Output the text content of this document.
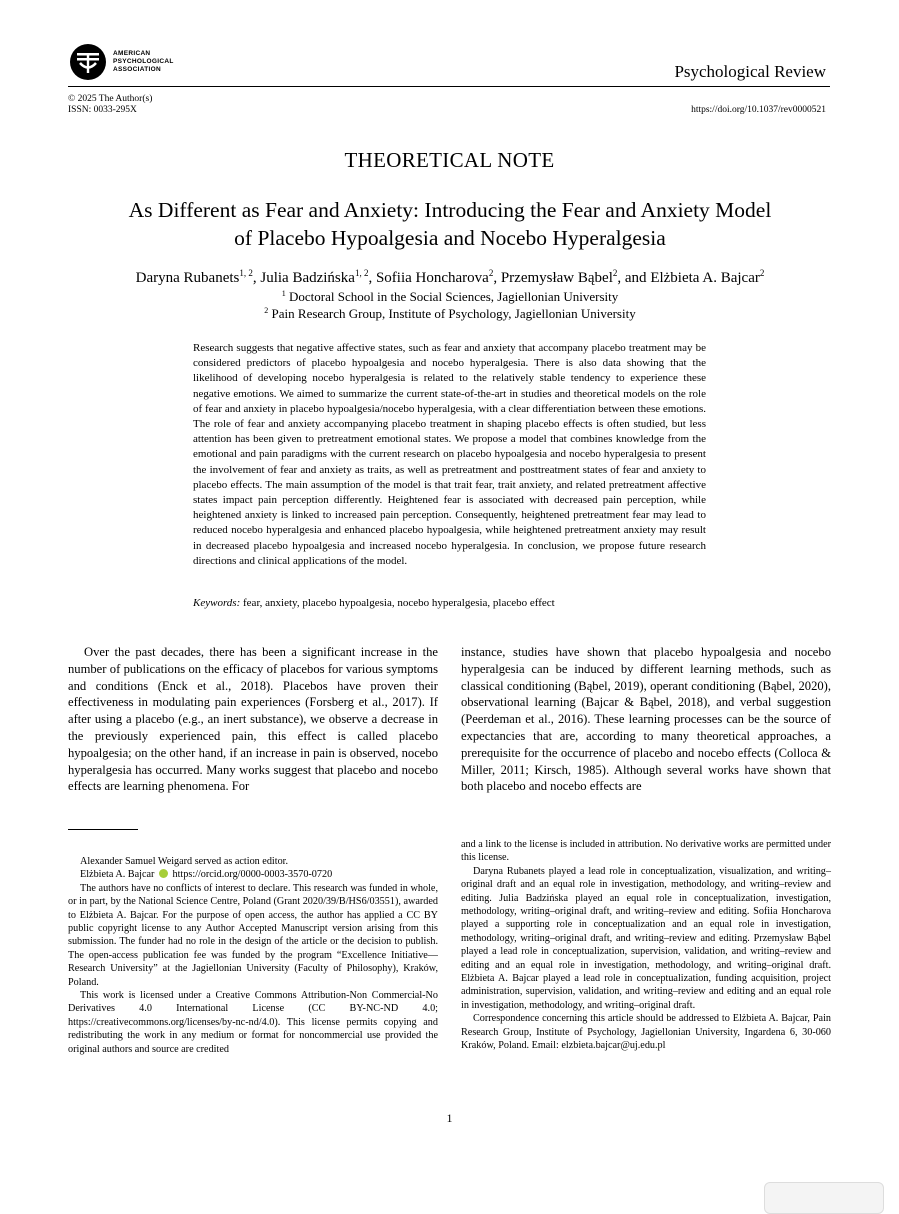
AMERICAN
PSYCHOLOGICAL
ASSOCIATION	Psychological Review
© 2025 The Author(s)
ISSN: 0033-295X	https://doi.org/10.1037/rev0000521
THEORETICAL NOTE
As Different as Fear and Anxiety: Introducing the Fear and Anxiety Model
of Placebo Hypoalgesia and Nocebo Hyperalgesia
Daryna Rubanets$^{1, 2}$, Julia Badzińska$^{1, 2}$, Sofiia Honcharova$^2$, Przemysław Bąbel$^2$, and Elżbieta A. Bajcar$^2$
$^1$ Doctoral School in the Social Sciences, Jagiellonian University
$^2$ Pain Research Group, Institute of Psychology, Jagiellonian University
Research suggests that negative affective states, such as fear and anxiety that accompany placebo treatment may be considered predictors of placebo hypoalgesia and nocebo hyperalgesia. There is also data showing that the likelihood of developing nocebo hyperalgesia is related to the relatively stable tendency to experience these negative emotions. We aimed to summarize the current state-of-the-art in studies and theoretical models on the role of fear and anxiety in placebo hypoalgesia/nocebo hyperalgesia, with a clear differentiation between these emotions. The role of fear and anxiety accompanying placebo treatment in shaping placebo effects is often studied, but less attention has been given to pretreatment emotional states. We propose a model that combines knowledge from the emotional and pain paradigms with the current research on placebo hypoalgesia and nocebo hyperalgesia to present the involvement of fear and anxiety as traits, as well as pretreatment and posttreatment states of fear and anxiety to placebo effects. The main assumption of the model is that trait fear, trait anxiety, and related pretreatment affective states impact pain perception differently. Heightened fear is associated with decreased pain perception, while heightened anxiety is linked to increased pain perception. Consequently, heightened pretreatment fear may lead to reduced nocebo hyperalgesia and enhanced placebo hypoalgesia, while heightened pretreatment anxiety may result in decreased placebo hypoalgesia and increased nocebo hyperalgesia. In conclusion, we propose future research directions and clinical applications of the model.
Keywords: fear, anxiety, placebo hypoalgesia, nocebo hyperalgesia, placebo effect
Over the past decades, there has been a significant increase in the number of publications on the efficacy of placebos for various symptoms and conditions (Enck et al., 2018). Placebos have proven their effectiveness in modulating pain experiences (Forsberg et al., 2017). If after using a placebo (e.g., an inert substance), we observe a decrease in the previously experienced pain, this effect is called placebo hypoalgesia; on the other hand, if an increase in pain is observed, nocebo hyperalgesia has occurred. Many works suggest that placebo and nocebo effects are learning phenomena. For
instance, studies have shown that placebo hypoalgesia and nocebo hyperalgesia can be induced by different learning methods, such as classical conditioning (Bąbel, 2019), operant conditioning (Bąbel, 2020), observational learning (Bajcar & Bąbel, 2018), and verbal suggestion (Peerdeman et al., 2016). These learning processes can be the source of expectancies that are, according to many theoretical approaches, a prerequisite for the occurrence of placebo and nocebo effects (Colloca & Miller, 2011; Kirsch, 1985). Although several works have shown that both placebo and nocebo effects are

Alexander Samuel Weigard served as action editor.

Elżbieta A. Bajcar https://orcid.org/0000-0003-3570-0720

The authors have no conflicts of interest to declare. This research was funded in whole, or in part, by the National Science Centre, Poland (Grant 2020/39/B/HS6/03551), awarded to Elżbieta A. Bajcar. For the purpose of open access, the author has applied a CC BY public copyright license to any Author Accepted Manuscript version arising from this submission. The funder had no role in the design of the article or the decision to publish. The open-access publication fee was funded by the program “Excellence Initiative—Research University” at the Jagiellonian University (Faculty of Philosophy), Kraków, Poland.

This work is licensed under a Creative Commons Attribution-Non Commercial-No Derivatives 4.0 International License (CC BY-NC-ND 4.0; https://creativecommons.org/licenses/by-nc-nd/4.0). This license permits copying and redistributing the work in any medium or format for noncommercial use provided the original authors and source are credited

and a link to the license is included in attribution. No derivative works are permitted under this license.

Daryna Rubanets played a lead role in conceptualization, visualization, and writing–original draft and an equal role in investigation, methodology, and writing–review and editing. Julia Badzińska played an equal role in conceptualization, investigation, methodology, writing–original draft, and writing–review and editing. Sofiia Honcharova played a supporting role in conceptualization and an equal role in investigation, methodology, writing–original draft, and writing–review and editing. Przemysław Bąbel played a lead role in conceptualization, supervision, validation, and writing–review and editing and an equal role in investigation, methodology, and writing–original draft. Elżbieta A. Bajcar played a lead role in conceptualization, funding acquisition, project administration, supervision, validation, and writing–review and editing and an equal role in investigation, methodology, and writing–original draft.

Correspondence concerning this article should be addressed to Elżbieta A. Bajcar, Pain Research Group, Institute of Psychology, Jagiellonian University, Ingardena 6, 30-060 Kraków, Poland. Email: elzbieta.bajcar@uj.edu.pl

1
